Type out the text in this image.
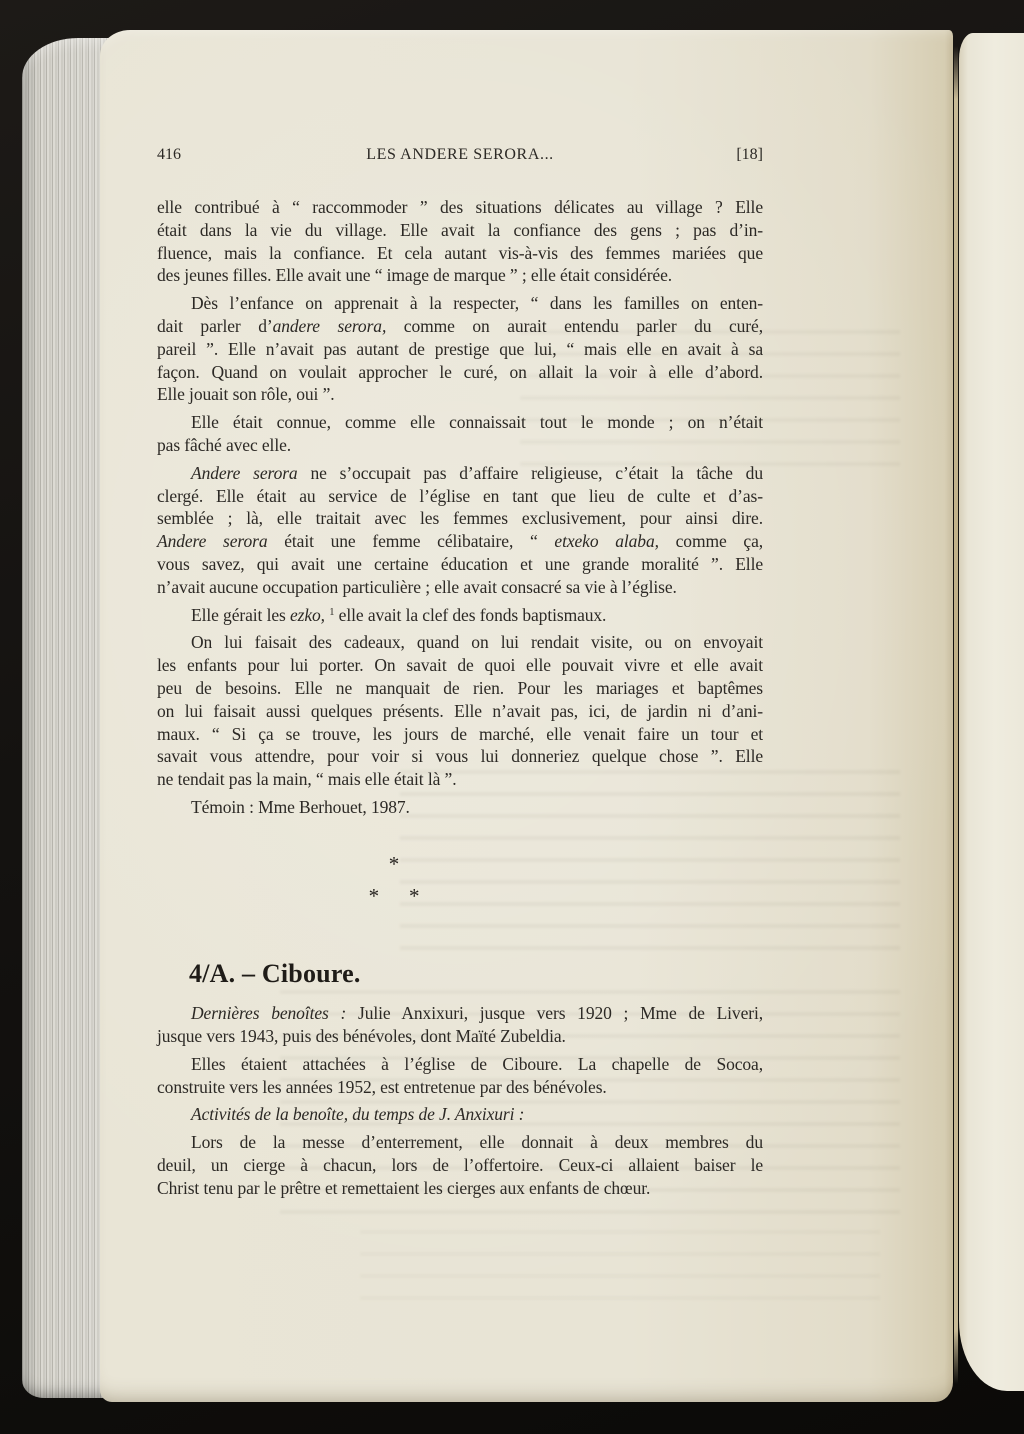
416	LES ANDERE SERORA...	[18]
elle contribué à “ raccommoder ” des situations délicates au village ? Elle
était dans la vie du village. Elle avait la confiance des gens ; pas d’in-
fluence, mais la confiance. Et cela autant vis-à-vis des femmes mariées que
des jeunes filles. Elle avait une “ image de marque ” ; elle était considérée.
Dès l’enfance on apprenait à la respecter, “ dans les familles on enten-
dait parler d’andere serora, comme on aurait entendu parler du curé,
pareil ”. Elle n’avait pas autant de prestige que lui, “ mais elle en avait à sa
façon. Quand on voulait approcher le curé, on allait la voir à elle d’abord.
Elle jouait son rôle, oui ”.
Elle était connue, comme elle connaissait tout le monde ; on n’était
pas fâché avec elle.
Andere serora ne s’occupait pas d’affaire religieuse, c’était la tâche du
clergé. Elle était au service de l’église en tant que lieu de culte et d’as-
semblée ; là, elle traitait avec les femmes exclusivement, pour ainsi dire.
Andere serora était une femme célibataire, “ etxeko alaba, comme ça,
vous savez, qui avait une certaine éducation et une grande moralité ”. Elle
n’avait aucune occupation particulière ; elle avait consacré sa vie à l’église.
Elle gérait les ezko, $^1$ elle avait la clef des fonds baptismaux.
On lui faisait des cadeaux, quand on lui rendait visite, ou on envoyait
les enfants pour lui porter. On savait de quoi elle pouvait vivre et elle avait
peu de besoins. Elle ne manquait de rien. Pour les mariages et baptêmes
on lui faisait aussi quelques présents. Elle n’avait pas, ici, de jardin ni d’ani-
maux. “ Si ça se trouve, les jours de marché, elle venait faire un tour et
savait vous attendre, pour voir si vous lui donneriez quelque chose ”. Elle
ne tendait pas la main, “ mais elle était là ”.
Témoin : Mme Berhouet, 1987.
*
* *
4/A. – Ciboure.
Dernières benoîtes : Julie Anxixuri, jusque vers 1920 ; Mme de Liveri,
jusque vers 1943, puis des bénévoles, dont Maïté Zubeldia.
Elles étaient attachées à l’église de Ciboure. La chapelle de Socoa,
construite vers les années 1952, est entretenue par des bénévoles.
Activités de la benoîte, du temps de J. Anxixuri :
Lors de la messe d’enterrement, elle donnait à deux membres du
deuil, un cierge à chacun, lors de l’offertoire. Ceux-ci allaient baiser le
Christ tenu par le prêtre et remettaient les cierges aux enfants de chœur.
